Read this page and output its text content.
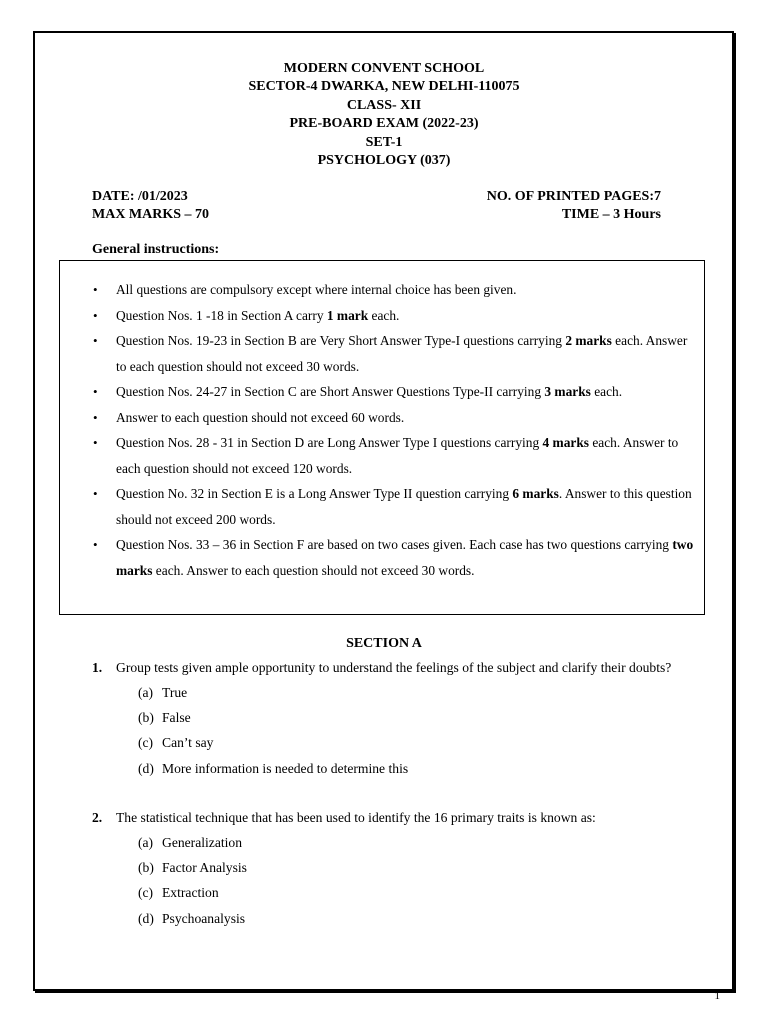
MODERN CONVENT SCHOOL
SECTOR-4 DWARKA, NEW DELHI-110075
CLASS- XII
PRE-BOARD EXAM (2022-23)
SET-1
PSYCHOLOGY (037)
DATE: /01/2023
MAX MARKS – 70
NO. OF PRINTED PAGES:7
TIME – 3 Hours
General instructions:
• All questions are compulsory except where internal choice has been given.
• Question Nos. 1 -18 in Section A carry 1 mark each.
• Question Nos. 19-23 in Section B are Very Short Answer Type-I questions carrying 2 marks each. Answer to each question should not exceed 30 words.
• Question Nos. 24-27 in Section C are Short Answer Questions Type-II carrying 3 marks each.
• Answer to each question should not exceed 60 words.
• Question Nos. 28 - 31 in Section D are Long Answer Type I questions carrying 4 marks each. Answer to each question should not exceed 120 words.
• Question No. 32 in Section E is a Long Answer Type II question carrying 6 marks. Answer to this question should not exceed 200 words.
• Question Nos. 33 – 36 in Section F are based on two cases given. Each case has two questions carrying two marks each. Answer to each question should not exceed 30 words.
SECTION A
1.	Group tests given ample opportunity to understand the feelings of the subject and clarify their doubts?
(a) True
(b) False
(c) Can’t say
(d) More information is needed to determine this
2.	The statistical technique that has been used to identify the 16 primary traits is known as:
(a) Generalization
(b) Factor Analysis
(c) Extraction
(d) Psychoanalysis
1
